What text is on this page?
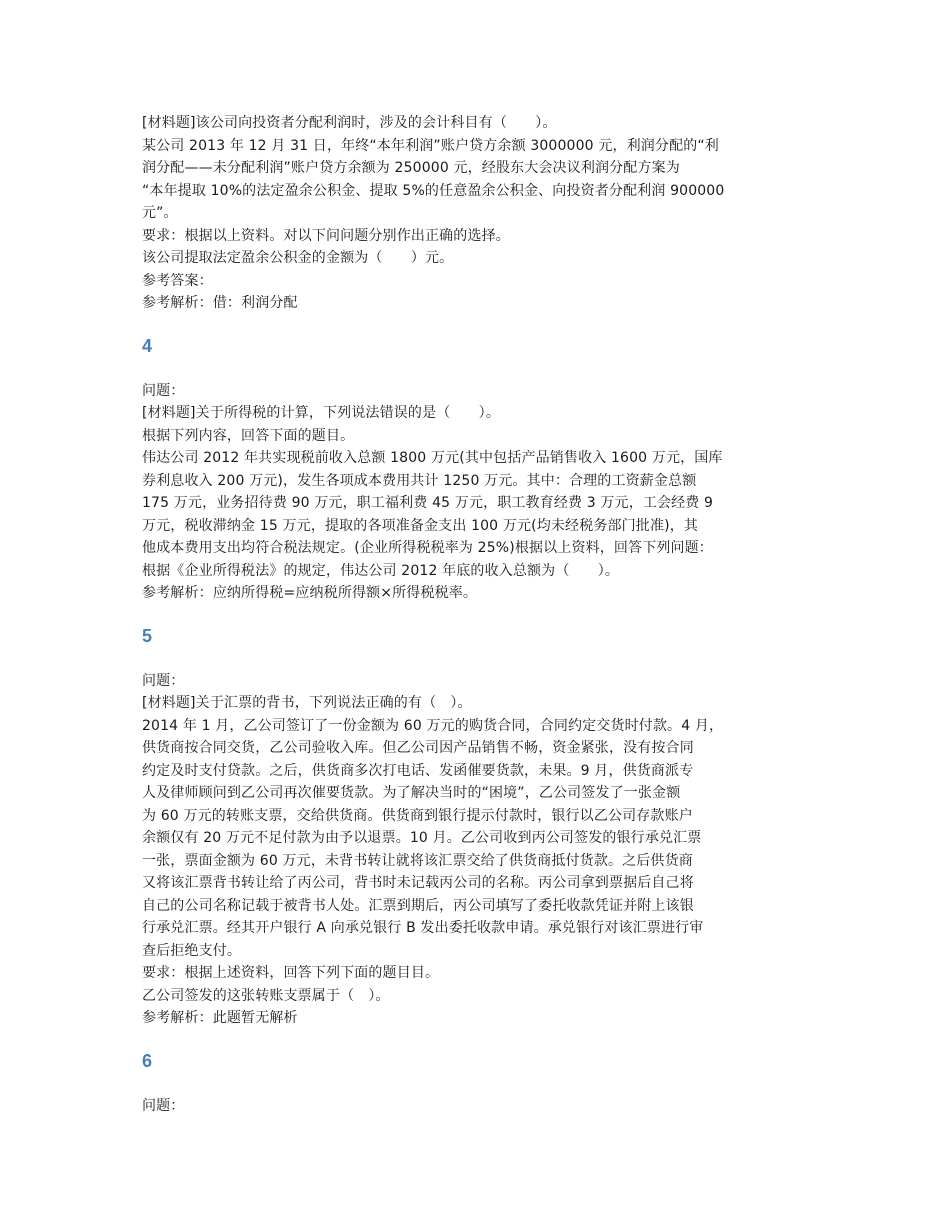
[材料题]该公司向投资者分配利润时，涉及的会计科目有（　　）。

某公司 2013 年 12 月 31 日，年终“本年利润”账户贷方余额 3000000 元，利润分配的“利

润分配——未分配利润”账户贷方余额为 250000 元，经股东大会决议利润分配方案为

“本年提取 10%的法定盈余公积金、提取 5%的任意盈余公积金、向投资者分配利润 900000

元”。

要求：根据以上资料。对以下问问题分别作出正确的选择。

该公司提取法定盈余公积金的金额为（　　）元。

参考答案：

参考解析：借：利润分配

4

问题：

[材料题]关于所得税的计算，下列说法错误的是（　　）。

根据下列内容，回答下面的题目。

伟达公司 2012 年共实现税前收入总额 1800 万元(其中包括产品销售收入 1600 万元，国库

券利息收入 200 万元)，发生各项成本费用共计 1250 万元。其中：合理的工资薪金总额

175 万元，业务招待费 90 万元，职工福利费 45 万元，职工教育经费 3 万元，工会经费 9

万元，税收滞纳金 15 万元，提取的各项准备金支出 100 万元(均未经税务部门批准)，其

他成本费用支出均符合税法规定。(企业所得税税率为 25%)根据以上资料，回答下列问题：

根据《企业所得税法》的规定，伟达公司 2012 年底的收入总额为（　　）。

参考解析：应纳所得税=应纳税所得额×所得税税率。

5

问题：

[材料题]关于汇票的背书，下列说法正确的有（　）。

2014 年 1 月，乙公司签订了一份金额为 60 万元的购货合同，合同约定交货时付款。4 月，

供货商按合同交货，乙公司验收入库。但乙公司因产品销售不畅，资金紧张，没有按合同

约定及时支付贷款。之后，供货商多次打电话、发函催要货款，未果。9 月，供货商派专

人及律师顾问到乙公司再次催要货款。为了解决当时的“困境”，乙公司签发了一张金额

为 60 万元的转账支票，交给供货商。供货商到银行提示付款时，银行以乙公司存款账户

余额仅有 20 万元不足付款为由予以退票。10 月。乙公司收到丙公司签发的银行承兑汇票

一张，票面金额为 60 万元，未背书转让就将该汇票交给了供货商抵付货款。之后供货商

又将该汇票背书转让给了丙公司，背书时未记载丙公司的名称。丙公司拿到票据后自己将

自己的公司名称记载于被背书人处。汇票到期后，丙公司填写了委托收款凭证并附上该银

行承兑汇票。经其开户银行 A 向承兑银行 B 发出委托收款申请。承兑银行对该汇票进行审

查后拒绝支付。

要求：根据上述资料，回答下列下面的题目目。

乙公司签发的这张转账支票属于（　）。

参考解析：此题暂无解析

6

问题：
